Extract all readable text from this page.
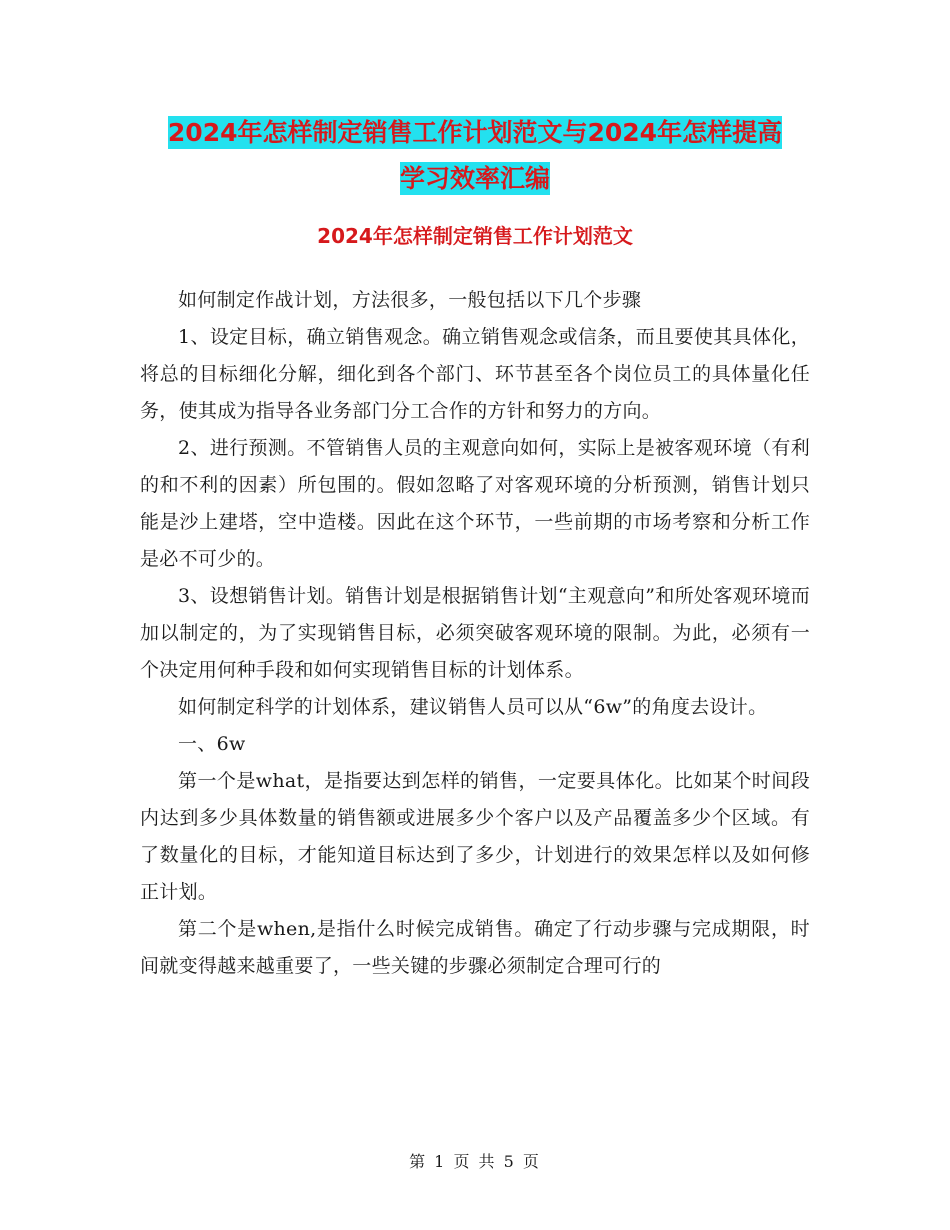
2024年怎样制定销售工作计划范文与2024年怎样提高
学习效率汇编
2024年怎样制定销售工作计划范文

如何制定作战计划，方法很多，一般包括以下几个步骤

1、设定目标，确立销售观念。确立销售观念或信条，而且要使其具体化，将总的目标细化分解，细化到各个部门、环节甚至各个岗位员工的具体量化任务，使其成为指导各业务部门分工合作的方针和努力的方向。

2、进行预测。不管销售人员的主观意向如何，实际上是被客观环境（有利的和不利的因素）所包围的。假如忽略了对客观环境的分析预测，销售计划只能是沙上建塔，空中造楼。因此在这个环节，一些前期的市场考察和分析工作是必不可少的。

3、设想销售计划。销售计划是根据销售计划“主观意向”和所处客观环境而加以制定的，为了实现销售目标，必须突破客观环境的限制。为此，必须有一个决定用何种手段和如何实现销售目标的计划体系。

如何制定科学的计划体系，建议销售人员可以从“6w”的角度去设计。

一、6w

第一个是what，是指要达到怎样的销售，一定要具体化。比如某个时间段内达到多少具体数量的销售额或进展多少个客户以及产品覆盖多少个区域。有了数量化的目标，才能知道目标达到了多少，计划进行的效果怎样以及如何修正计划。

第二个是when,是指什么时候完成销售。确定了行动步骤与完成期限，时间就变得越来越重要了，一些关键的步骤必须制定合理可行的

第 1 页 共 5 页
